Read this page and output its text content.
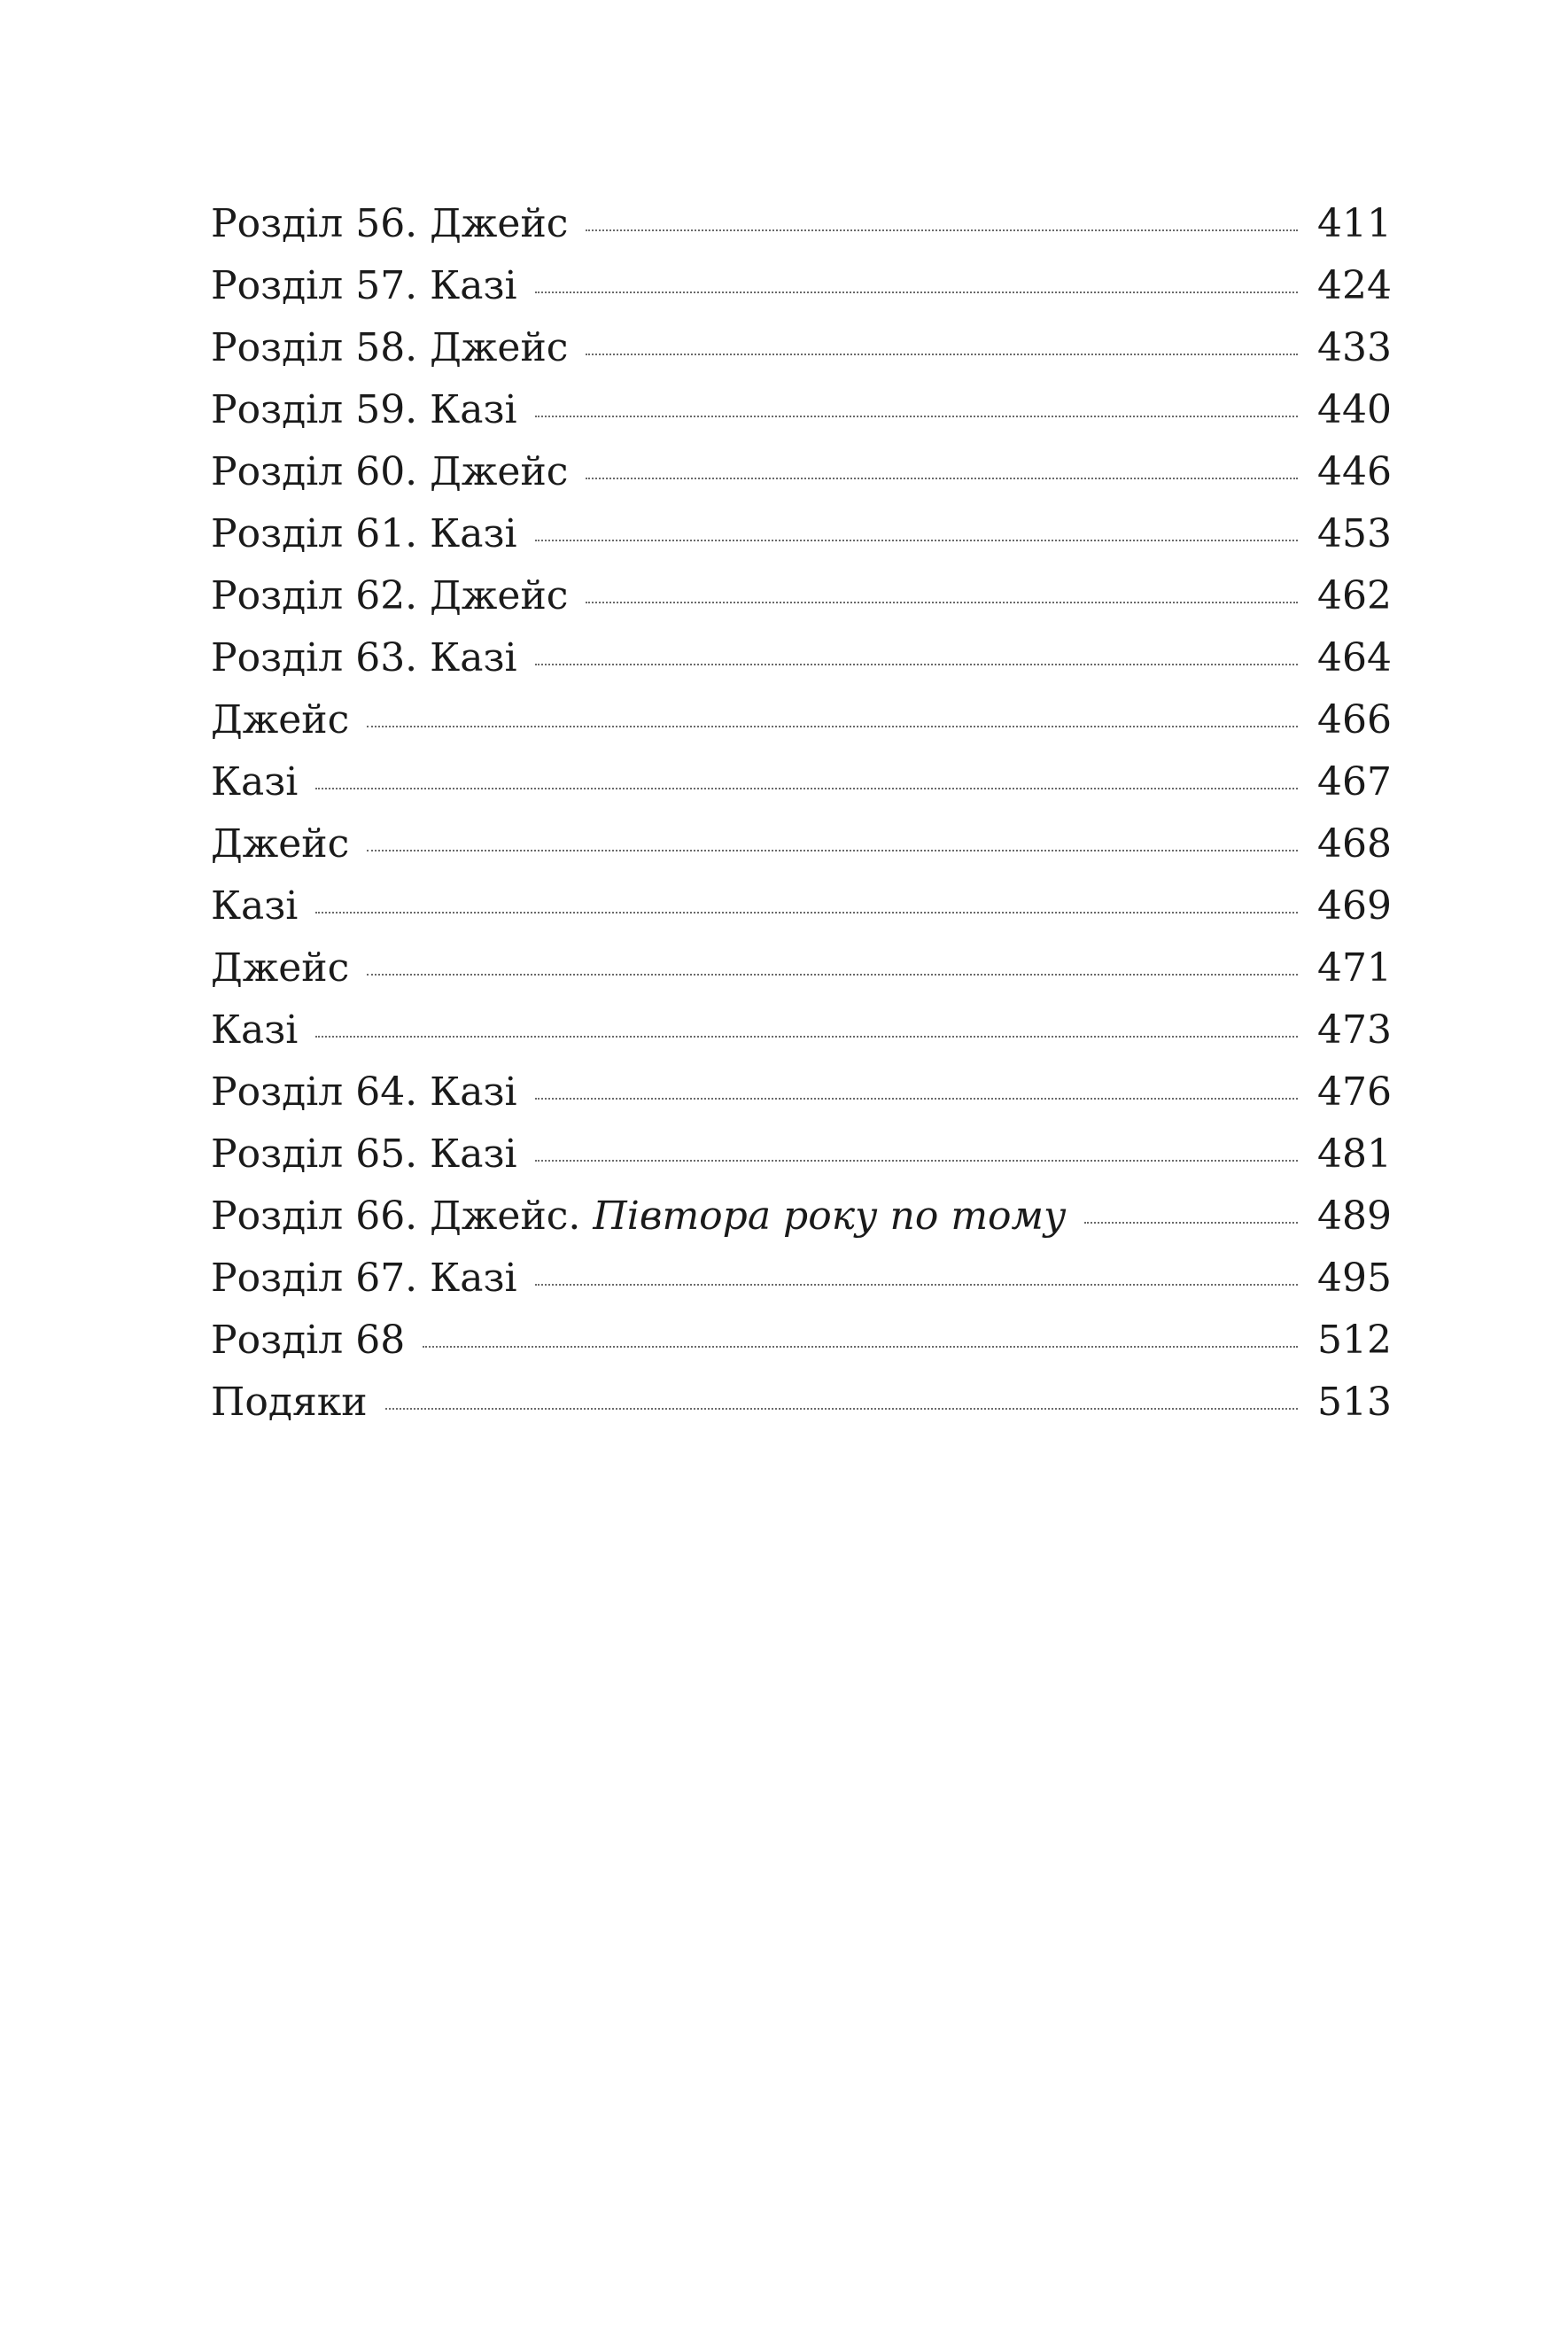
Розділ 56. Джейс	411
Розділ 57. Казі	424
Розділ 58. Джейс	433
Розділ 59. Казі	440
Розділ 60. Джейс	446
Розділ 61. Казі	453
Розділ 62. Джейс	462
Розділ 63. Казі	464
Джейс	466
Казі	467
Джейс	468
Казі	469
Джейс	471
Казі	473
Розділ 64. Казі	476
Розділ 65. Казі	481
Розділ 66. Джейс. Півтора року по тому	489
Розділ 67. Казі	495
Розділ 68	512
Подяки	513
